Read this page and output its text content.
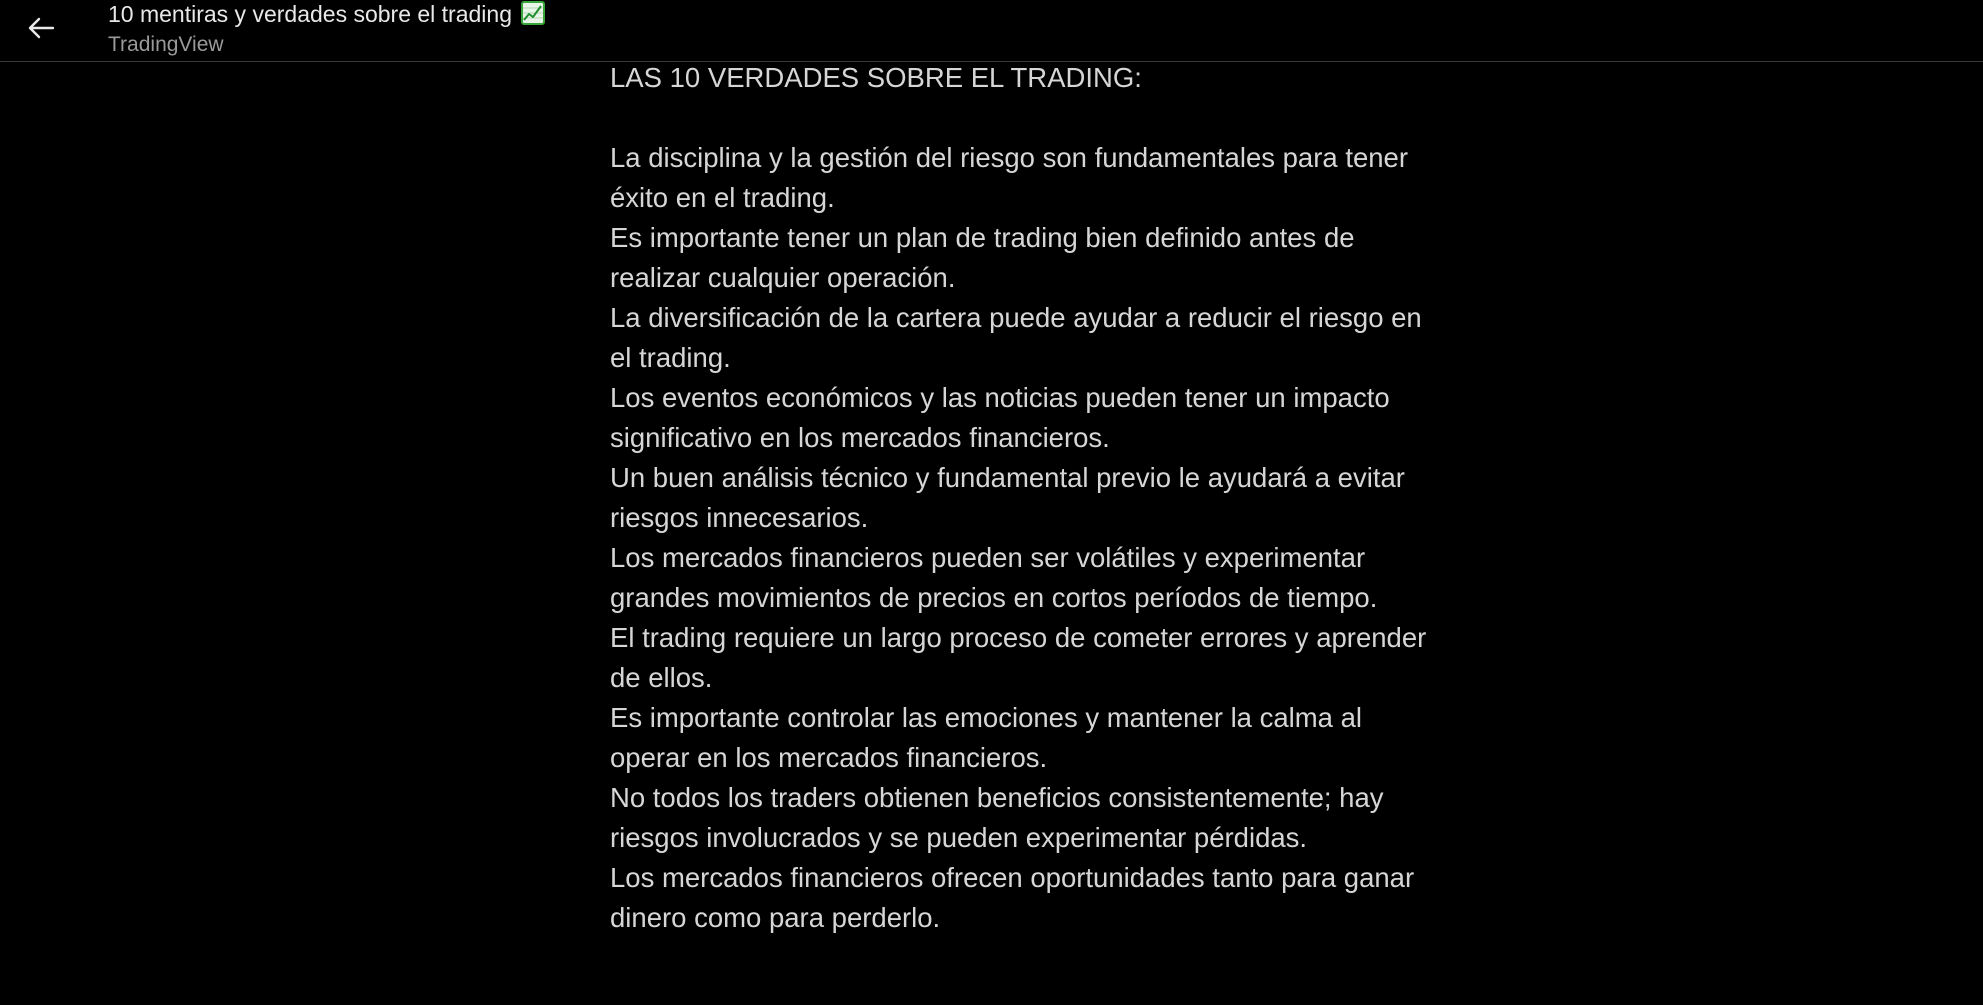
10 mentiras y verdades sobre el trading
TradingView
LAS 10 VERDADES SOBRE EL TRADING:
La disciplina y la gestión del riesgo son fundamentales para tener éxito en el trading.
Es importante tener un plan de trading bien definido antes de realizar cualquier operación.
La diversificación de la cartera puede ayudar a reducir el riesgo en el trading.
Los eventos económicos y las noticias pueden tener un impacto significativo en los mercados financieros.
Un buen análisis técnico y fundamental previo le ayudará a evitar riesgos innecesarios.
Los mercados financieros pueden ser volátiles y experimentar grandes movimientos de precios en cortos períodos de tiempo.
El trading requiere un largo proceso de cometer errores y aprender de ellos.
Es importante controlar las emociones y mantener la calma al operar en los mercados financieros.
No todos los traders obtienen beneficios consistentemente; hay riesgos involucrados y se pueden experimentar pérdidas.
Los mercados financieros ofrecen oportunidades tanto para ganar dinero como para perderlo.
